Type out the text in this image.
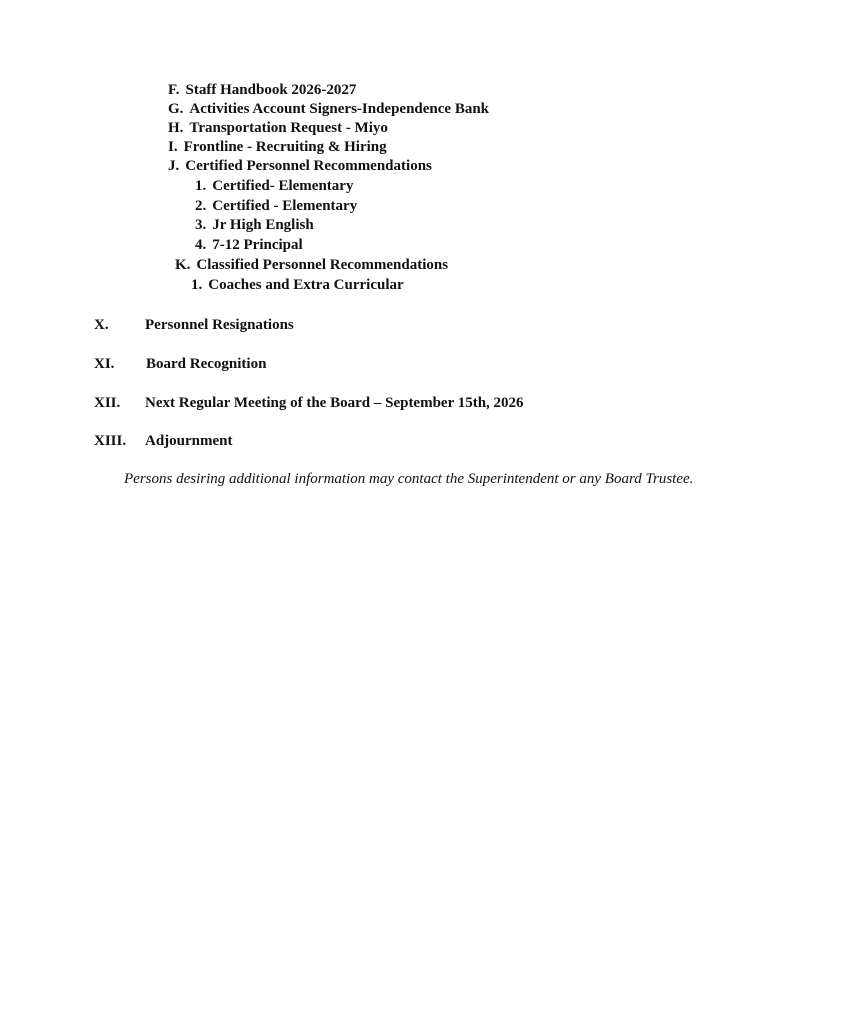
F. Staff Handbook 2026-2027
G. Activities Account Signers-Independence Bank
H. Transportation Request - Miyo
I. Frontline - Recruiting & Hiring
J. Certified Personnel Recommendations
1. Certified- Elementary
2. Certified - Elementary
3. Jr High English
4. 7-12 Principal
K. Classified Personnel Recommendations
1. Coaches and Extra Curricular
X. Personnel Resignations
XI. Board Recognition
XII. Next Regular Meeting of the Board – September 15th, 2026
XIII. Adjournment
Persons desiring additional information may contact the Superintendent or any Board Trustee.
